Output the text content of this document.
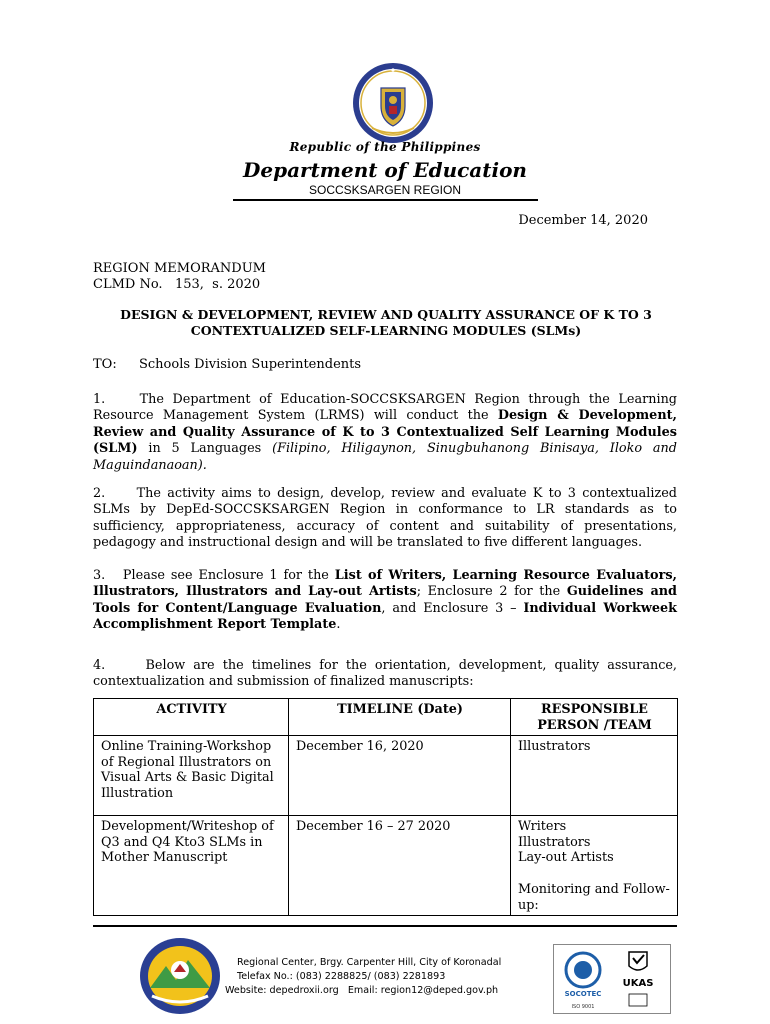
Republic of the Philippines
Department of Education
SOCCSKSARGEN REGION
December 14, 2020
REGION MEMORANDUM
CLMD No.   153,  s. 2020
DESIGN & DEVELOPMENT, REVIEW AND QUALITY ASSURANCE OF K TO 3
CONTEXTUALIZED SELF-LEARNING MODULES (SLMs)
TO: Schools Division Superintendents
1.    The Department of Education-SOCCSKSARGEN Region through the Learning Resource Management System (LRMS) will conduct the Design & Development, Review and Quality Assurance of K to 3 Contextualized Self Learning Modules (SLM) in 5 Languages (Filipino, Hiligaynon, Sinugbuhanong Binisaya, Iloko and Maguindanaoan).
2.     The activity aims to design, develop, review and evaluate K to 3 contextualized SLMs by DepEd-SOCCSKSARGEN Region in conformance to LR standards as to sufficiency, appropriateness, accuracy of content and suitability of presentations, pedagogy and instructional design and will be translated to five different languages.
3.   Please see Enclosure 1 for the List of Writers, Learning Resource Evaluators, Illustrators, Illustrators and Lay-out Artists; Enclosure 2 for the Guidelines and Tools for Content/Language Evaluation, and Enclosure 3 – Individual Workweek Accomplishment Report Template.
4.     Below are the timelines for the orientation, development, quality assurance, contextualization and submission of finalized manuscripts:
ACTIVITY	TIMELINE (Date)	RESPONSIBLE PERSON /TEAM
Online Training-Workshop of Regional Illustrators on Visual Arts & Basic Digital Illustration	December 16, 2020	Illustrators

Development/Writeshop of Q3 and Q4 Kto3 SLMs in Mother Manuscript	December 16 – 27 2020	Writers
Illustrators
Lay-out Artists
Monitoring and Follow-up:
Regional Center, Brgy. Carpenter Hill, City of Koronadal
Telefax No.: (083) 2288825/ (083) 2281893
Website: depedroxii.org   Email: region12@deped.gov.ph	SOCOTEC
ISO 9001
UKAS
